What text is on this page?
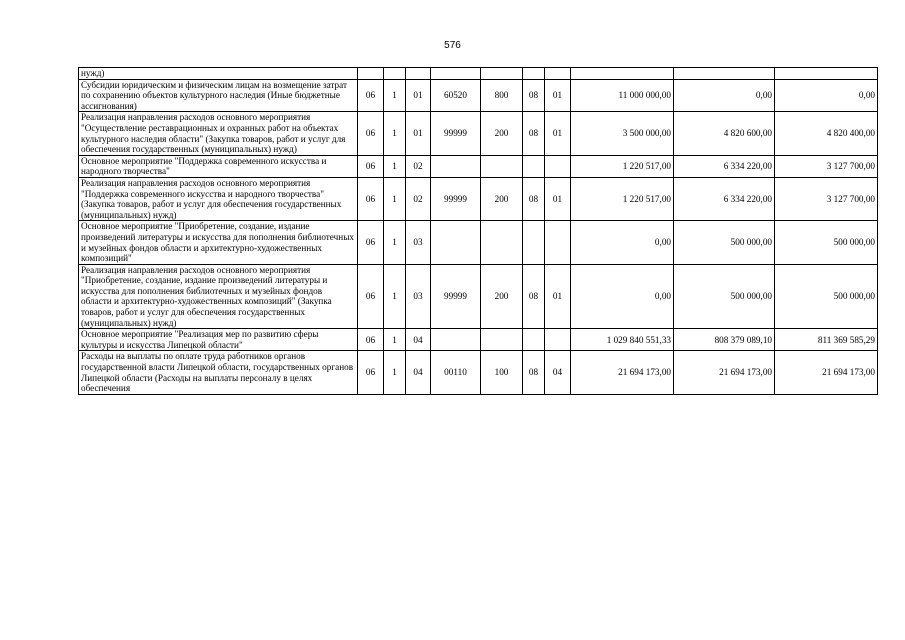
576
нужд)										
Субсидии юридическим и физическим лицам на возмещение затрат по сохранению объектов культурного наследия (Иные бюджетные ассигнования)	06	1	01	60520	800	08	01	11 000 000,00	0,00	0,00
Реализация направления расходов основного мероприятия "Осуществление реставрационных и охранных работ на объектах культурного наследия области" (Закупка товаров, работ и услуг для обеспечения государственных (муниципальных) нужд)	06	1	01	99999	200	08	01	3 500 000,00	4 820 600,00	4 820 400,00
Основное мероприятие "Поддержка современного искусства и народного творчества"	06	1	02					1 220 517,00	6 334 220,00	3 127 700,00
Реализация направления расходов основного мероприятия "Поддержка современного искусства и народного творчества" (Закупка товаров, работ и услуг для обеспечения государственных (муниципальных) нужд)	06	1	02	99999	200	08	01	1 220 517,00	6 334 220,00	3 127 700,00
Основное мероприятие "Приобретение, создание, издание произведений литературы и искусства для пополнения библиотечных и музейных фондов области и архитектурно-художественных композиций"	06	1	03					0,00	500 000,00	500 000,00
Реализация направления расходов основного мероприятия "Приобретение, создание, издание произведений литературы и искусства для пополнения библиотечных и музейных фондов области и архитектурно-художественных композиций" (Закупка товаров, работ и услуг для обеспечения государственных (муниципальных) нужд)	06	1	03	99999	200	08	01	0,00	500 000,00	500 000,00
Основное мероприятие "Реализация мер по развитию сферы культуры и искусства Липецкой области"	06	1	04					1 029 840 551,33	808 379 089,10	811 369 585,29
Расходы на выплаты по оплате труда работников органов государственной власти Липецкой области, государственных органов Липецкой области (Расходы на выплаты персоналу в целях обеспечения	06	1	04	00110	100	08	04	21 694 173,00	21 694 173,00	21 694 173,00
